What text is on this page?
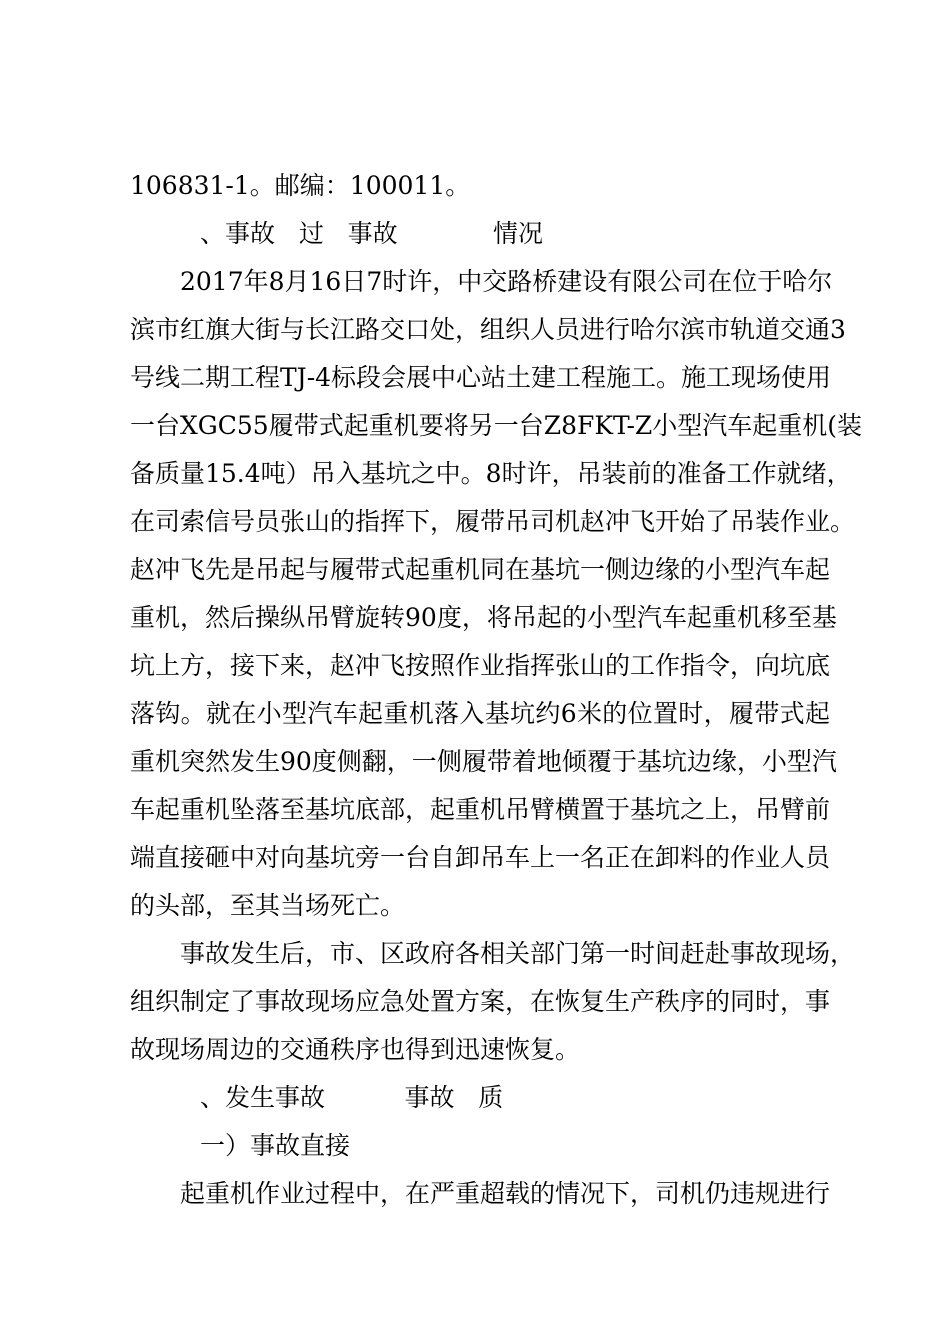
106831-1。邮编：100011。
、事故   过   事故            情况
　　2017年8月16日7时许，中交路桥建设有限公司在位于哈尔
滨市红旗大街与长江路交口处，组织人员进行哈尔滨市轨道交通3
号线二期工程TJ-4标段会展中心站土建工程施工。施工现场使用
一台XGC55履带式起重机要将另一台Z8FKT-Z小型汽车起重机(装
备质量15.4吨）吊入基坑之中。8时许，吊装前的准备工作就绪，
在司索信号员张山的指挥下，履带吊司机赵冲飞开始了吊装作业。
赵冲飞先是吊起与履带式起重机同在基坑一侧边缘的小型汽车起
重机，然后操纵吊臂旋转90度，将吊起的小型汽车起重机移至基
坑上方，接下来，赵冲飞按照作业指挥张山的工作指令，向坑底
落钩。就在小型汽车起重机落入基坑约6米的位置时，履带式起
重机突然发生90度侧翻，一侧履带着地倾覆于基坑边缘，小型汽
车起重机坠落至基坑底部，起重机吊臂横置于基坑之上，吊臂前
端直接砸中对向基坑旁一台自卸吊车上一名正在卸料的作业人员
的头部，至其当场死亡。
　　事故发生后，市、区政府各相关部门第一时间赶赴事故现场，
组织制定了事故现场应急处置方案，在恢复生产秩序的同时，事
故现场周边的交通秩序也得到迅速恢复。
、发生事故          事故   质
一）事故直接
　　起重机作业过程中，在严重超载的情况下，司机仍违规进行
